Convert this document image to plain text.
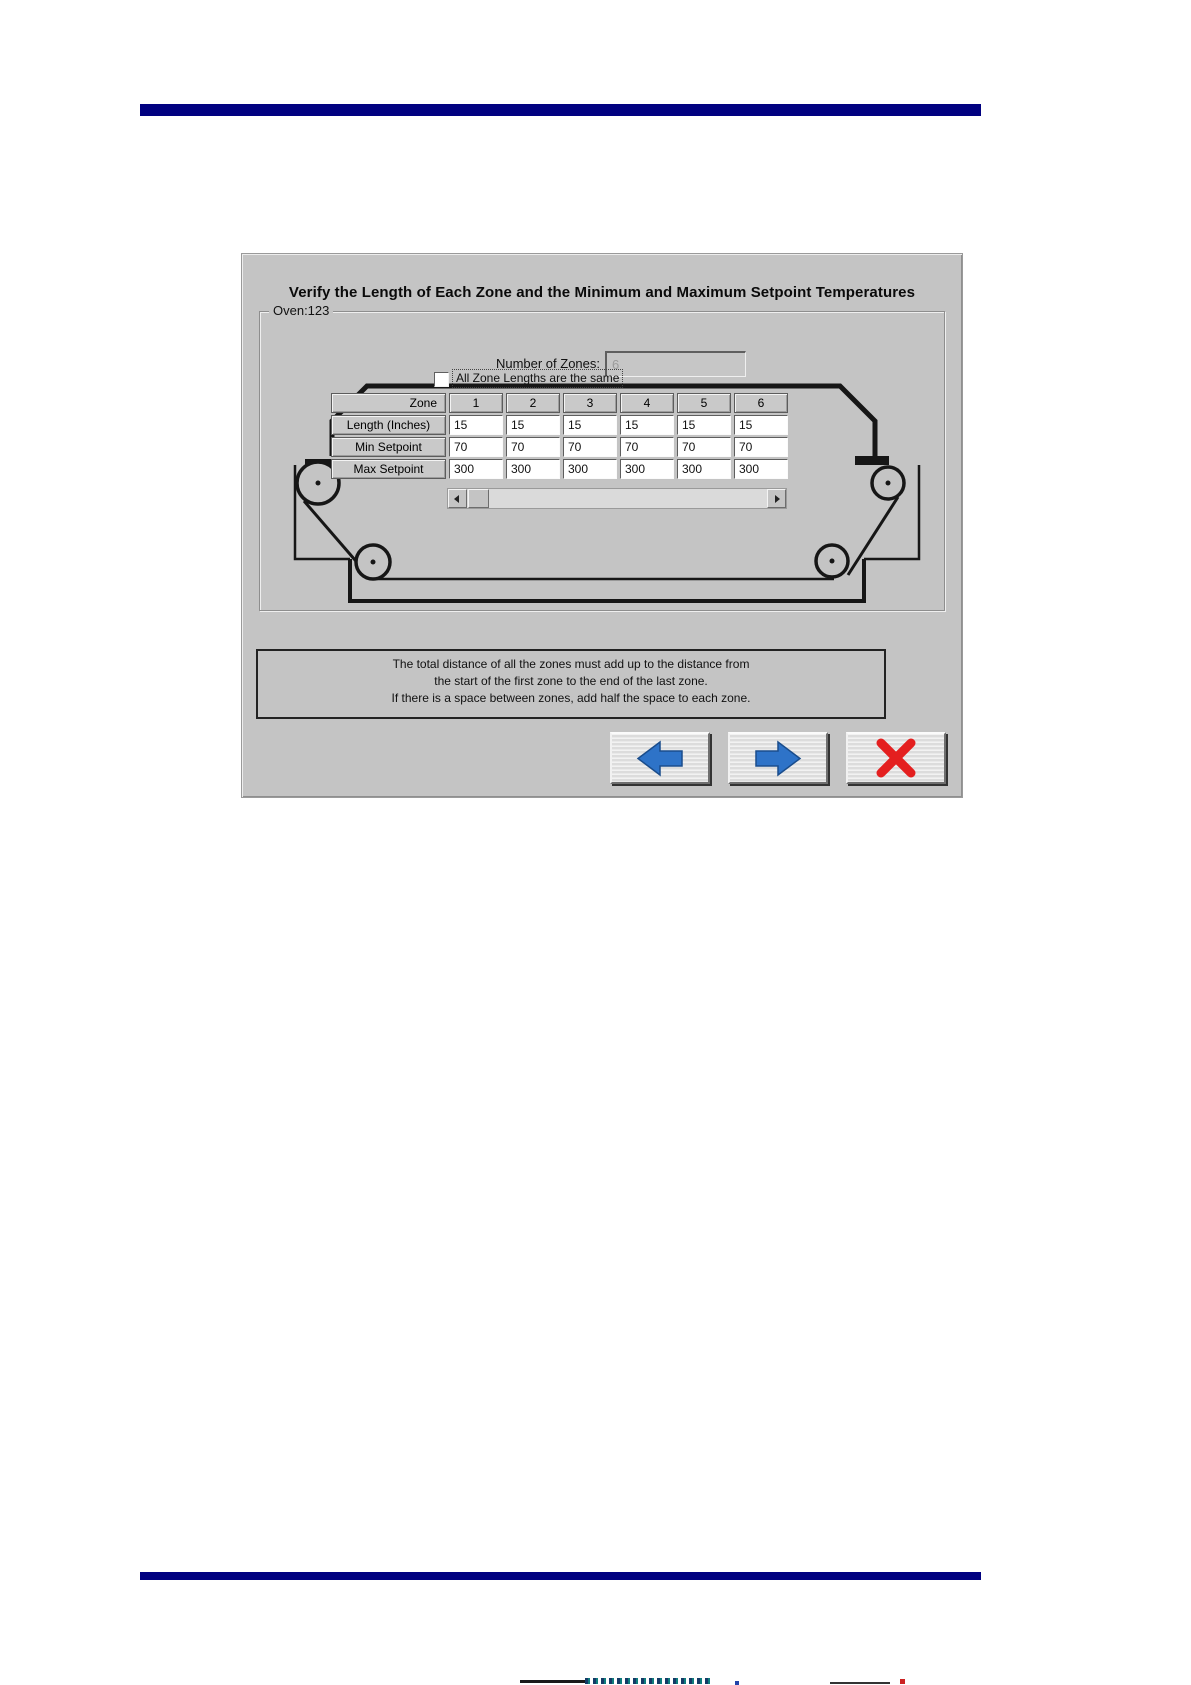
Verify the Length of Each Zone and the Minimum and Maximum Setpoint Temperatures
Oven:123
Number of Zones: 6
All Zone Lengths are the same
Zone	1	2	3	4	5	6
Length (Inches)	15	15	15	15	15	15
Min Setpoint	70	70	70	70	70	70
Max Setpoint	300	300	300	300	300	300
The total distance of all the zones must add up to the distance from
the start of the first zone to the end of the last zone.
If there is a space between zones, add half the space to each zone.
